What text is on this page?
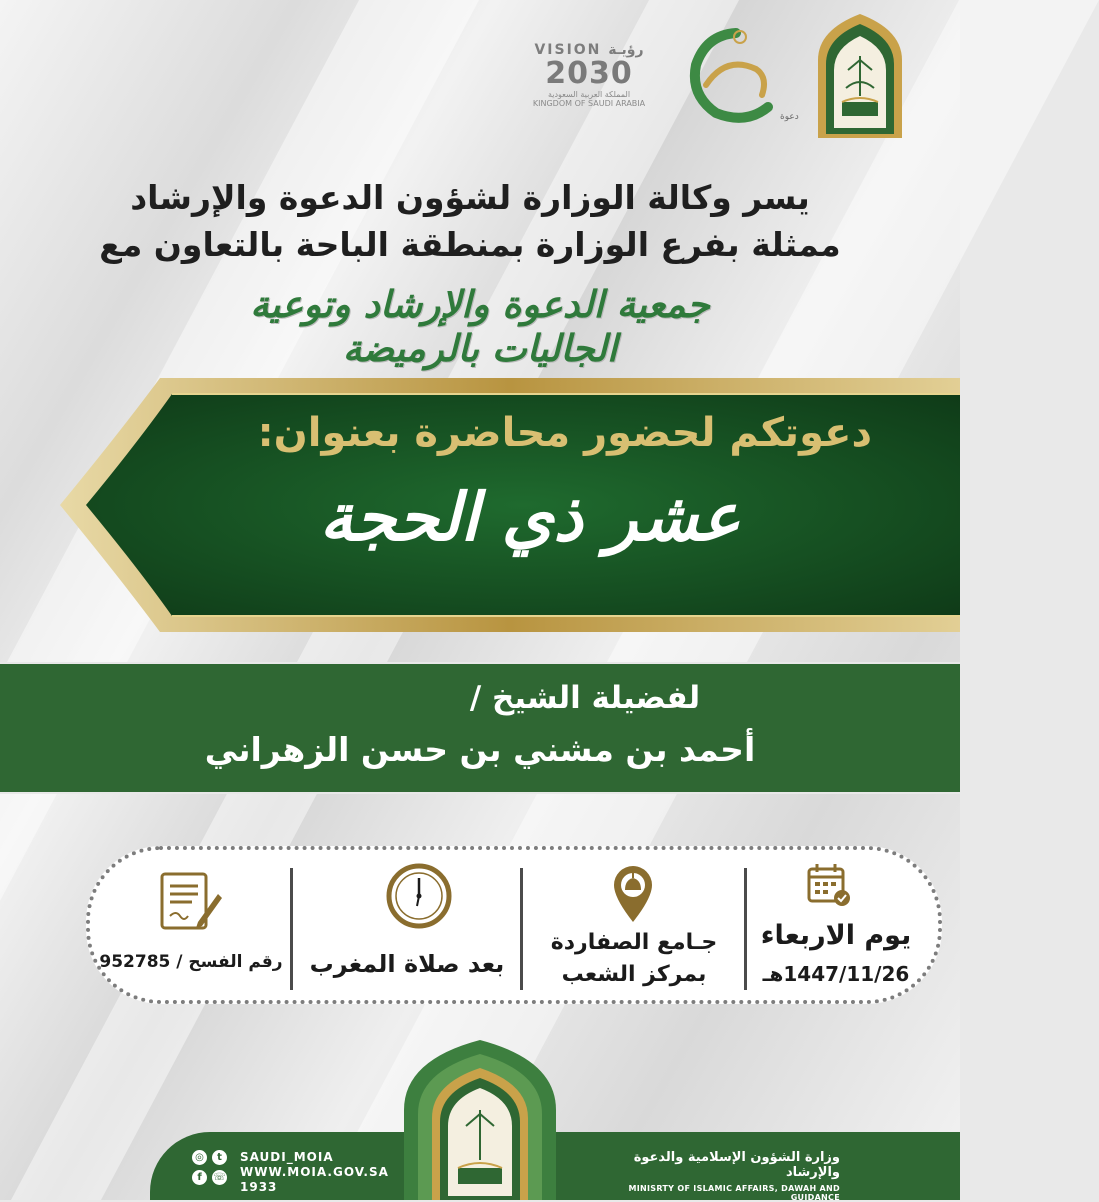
دعوة
VISION رؤيـة
2030
المملكة العربية السعودية
KINGDOM OF SAUDI ARABIA
يسر وكالة الوزارة لشؤون الدعوة والإرشاد
ممثلة بفرع الوزارة بمنطقة الباحة بالتعاون مع
جمعية الدعوة والإرشاد وتوعية الجاليات بالرميضة
دعوتكم لحضور محاضرة بعنوان:
عشر ذي الحجة
لفضيلة الشيخ /
أحمد بن مشني بن حسن الزهراني
يوم الاربعاء
1447/11/26هـ
جـامع الصفاردة
بمركز الشعب
بعد صلاة المغرب
رقم الفسح / 952785
◎	t
f	☏
SAUDI_MOIA
WWW.MOIA.GOV.SA
1933
وزارة الشؤون الإسلامية والدعوة والإرشاد
MINISRTY OF ISLAMIC AFFAIRS, DAWAH AND GUIDANCE
